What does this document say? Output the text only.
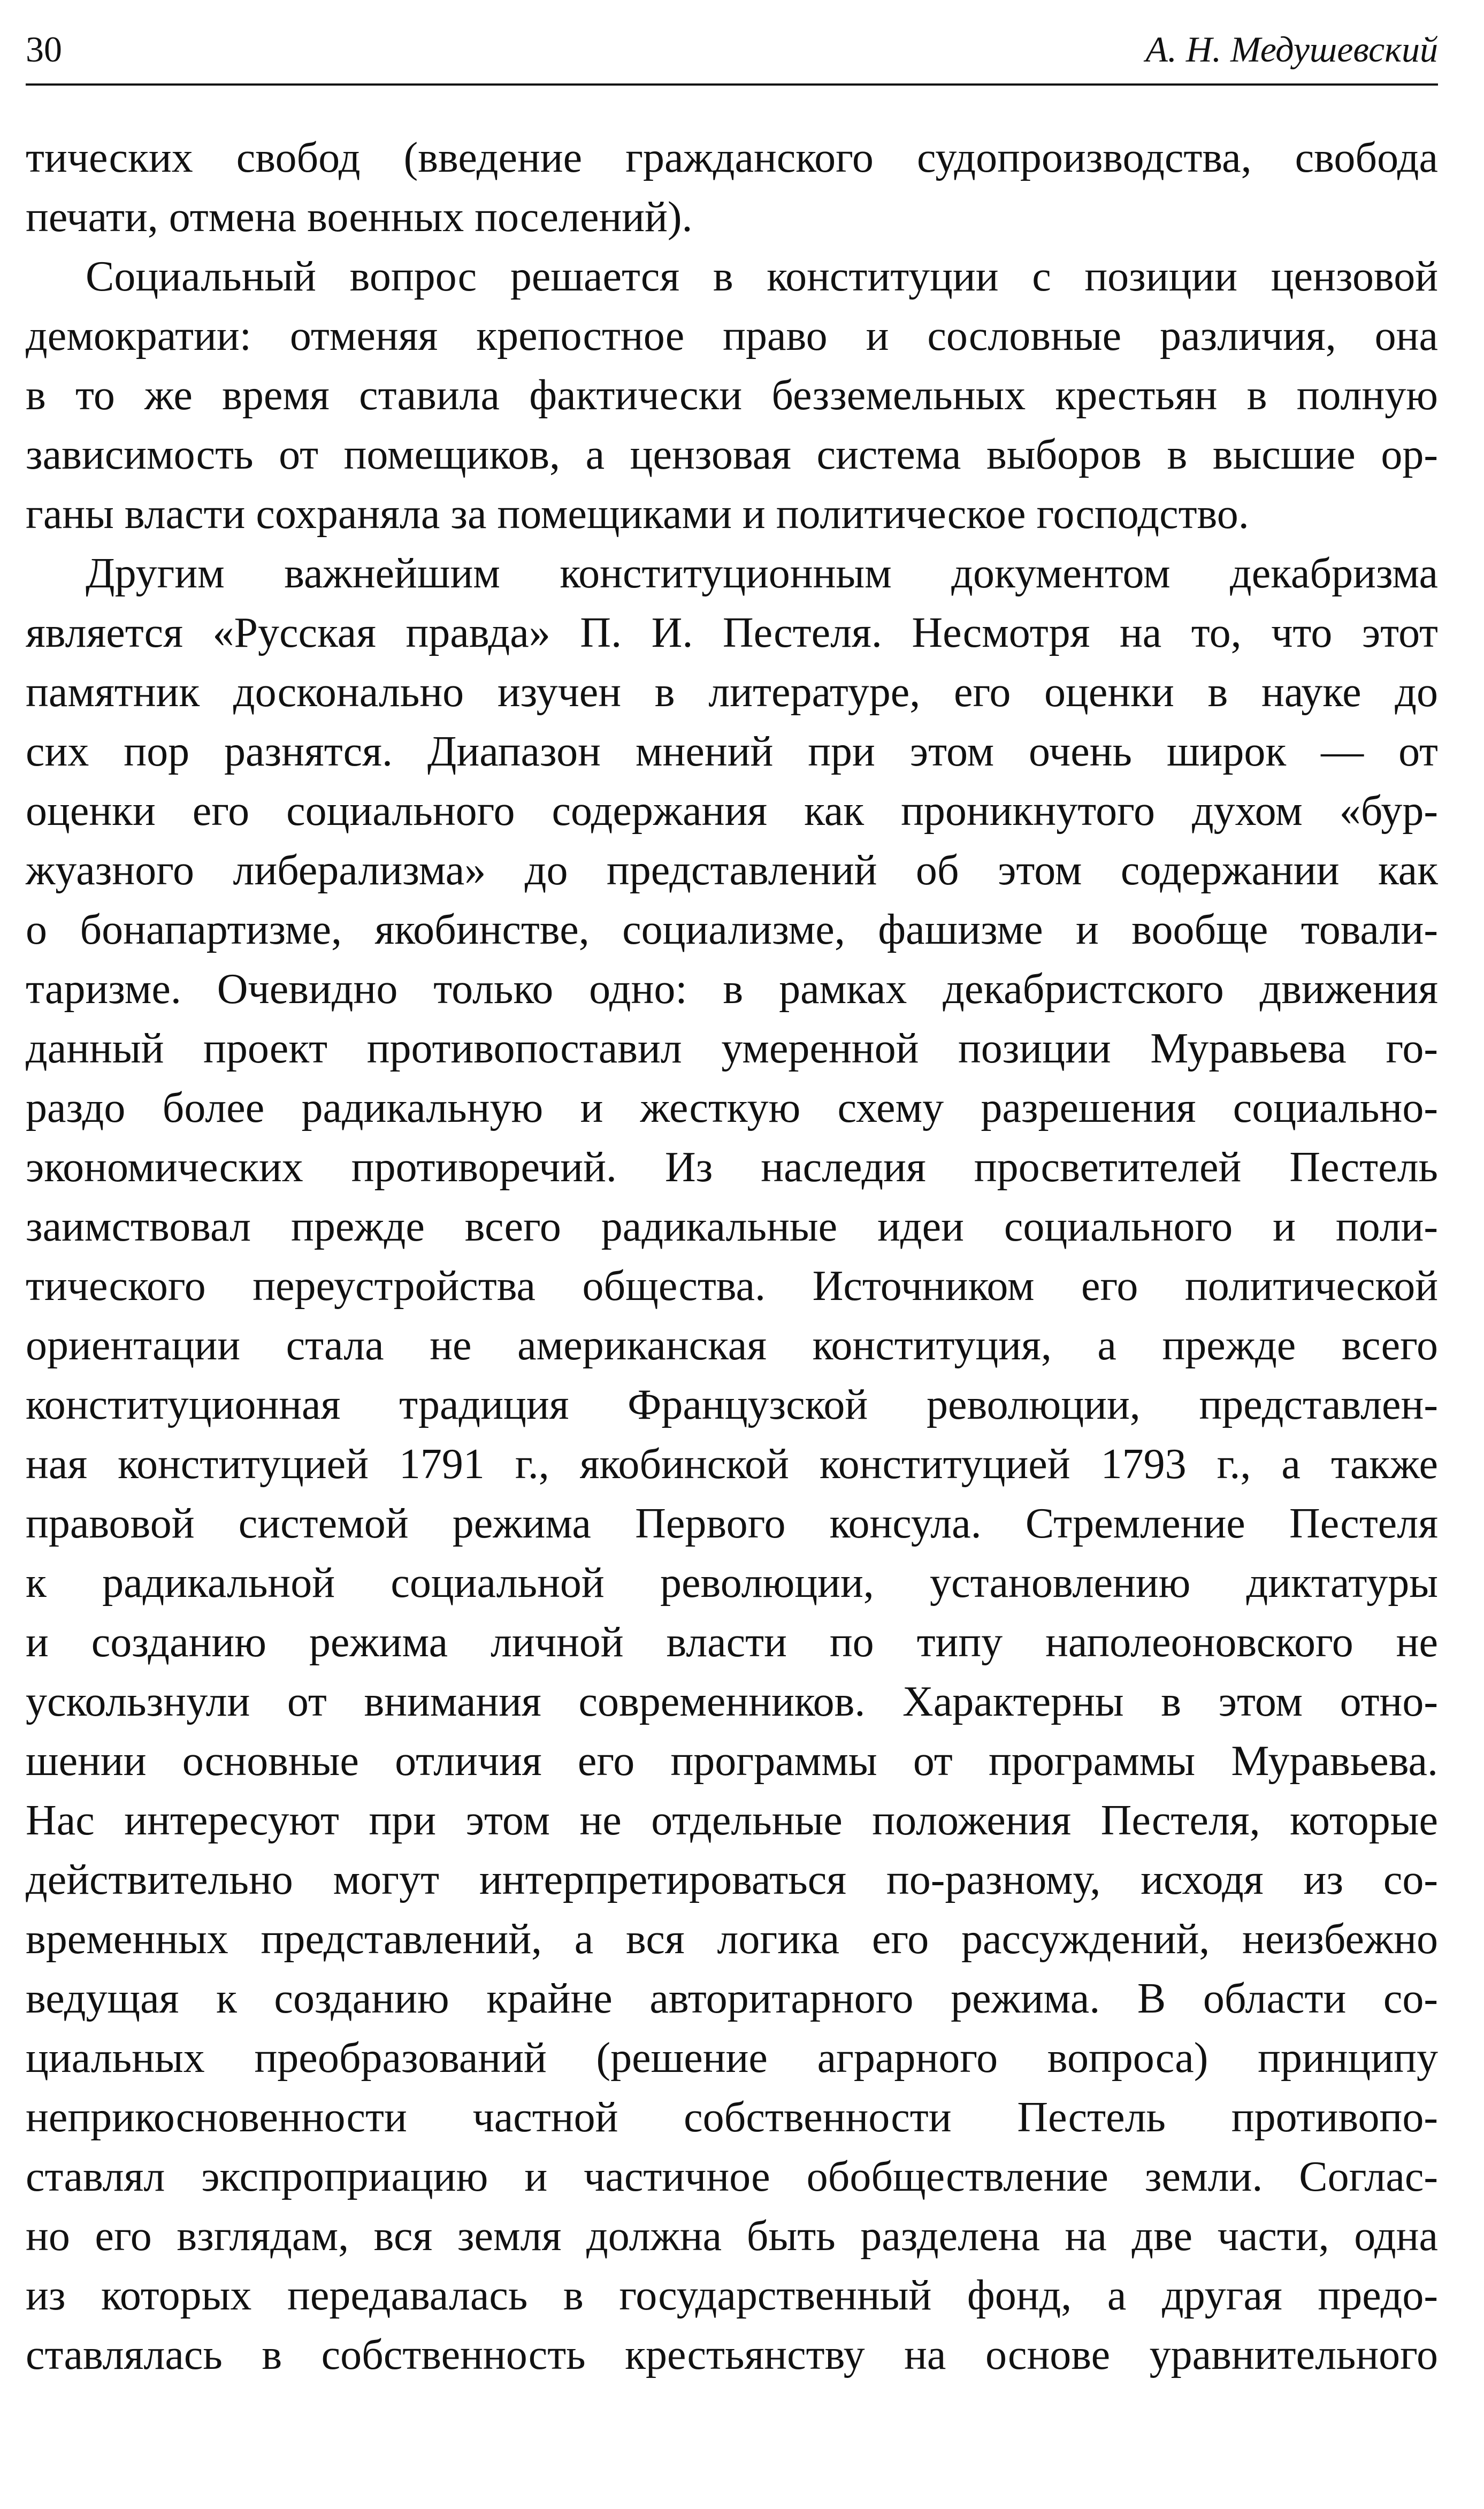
30	А. Н. Медушевский
тических свобод (введение гражданского судопроизводства, свобода
печати, отмена военных поселений).
Социальный вопрос решается в конституции с позиции цензовой
демократии: отменяя крепостное право и сословные различия, она
в то же время ставила фактически безземельных крестьян в полную
зависимость от помещиков, а цензовая система выборов в высшие ор-
ганы власти сохраняла за помещиками и политическое господство.
Другим важнейшим конституционным документом декабризма
является «Русская правда» П. И. Пестеля. Несмотря на то, что этот
памятник досконально изучен в литературе, его оценки в науке до
сих пор разнятся. Диапазон мнений при этом очень широк — от
оценки его социального содержания как проникнутого духом «бур-
жуазного либерализма» до представлений об этом содержании как
о бонапартизме, якобинстве, социализме, фашизме и вообще товали-
таризме. Очевидно только одно: в рамках декабристского движения
данный проект противопоставил умеренной позиции Муравьева го-
раздо более радикальную и жесткую схему разрешения социально-
экономических противоречий. Из наследия просветителей Пестель
заимствовал прежде всего радикальные идеи социального и поли-
тического переустройства общества. Источником его политической
ориентации стала не американская конституция, а прежде всего
конституционная традиция Французской революции, представлен-
ная конституцией 1791 г., якобинской конституцией 1793 г., а также
правовой системой режима Первого консула. Стремление Пестеля
к радикальной социальной революции, установлению диктатуры
и созданию режима личной власти по типу наполеоновского не
ускользнули от внимания современников. Характерны в этом отно-
шении основные отличия его программы от программы Муравьева.
Нас интересуют при этом не отдельные положения Пестеля, которые
действительно могут интерпретироваться по-разному, исходя из со-
временных представлений, а вся логика его рассуждений, неизбежно
ведущая к созданию крайне авторитарного режима. В области со-
циальных преобразований (решение аграрного вопроса) принципу
неприкосновенности частной собственности Пестель противопо-
ставлял экспроприацию и частичное обобществление земли. Соглас-
но его взглядам, вся земля должна быть разделена на две части, одна
из которых передавалась в государственный фонд, а другая предо-
ставлялась в собственность крестьянству на основе уравнительного
